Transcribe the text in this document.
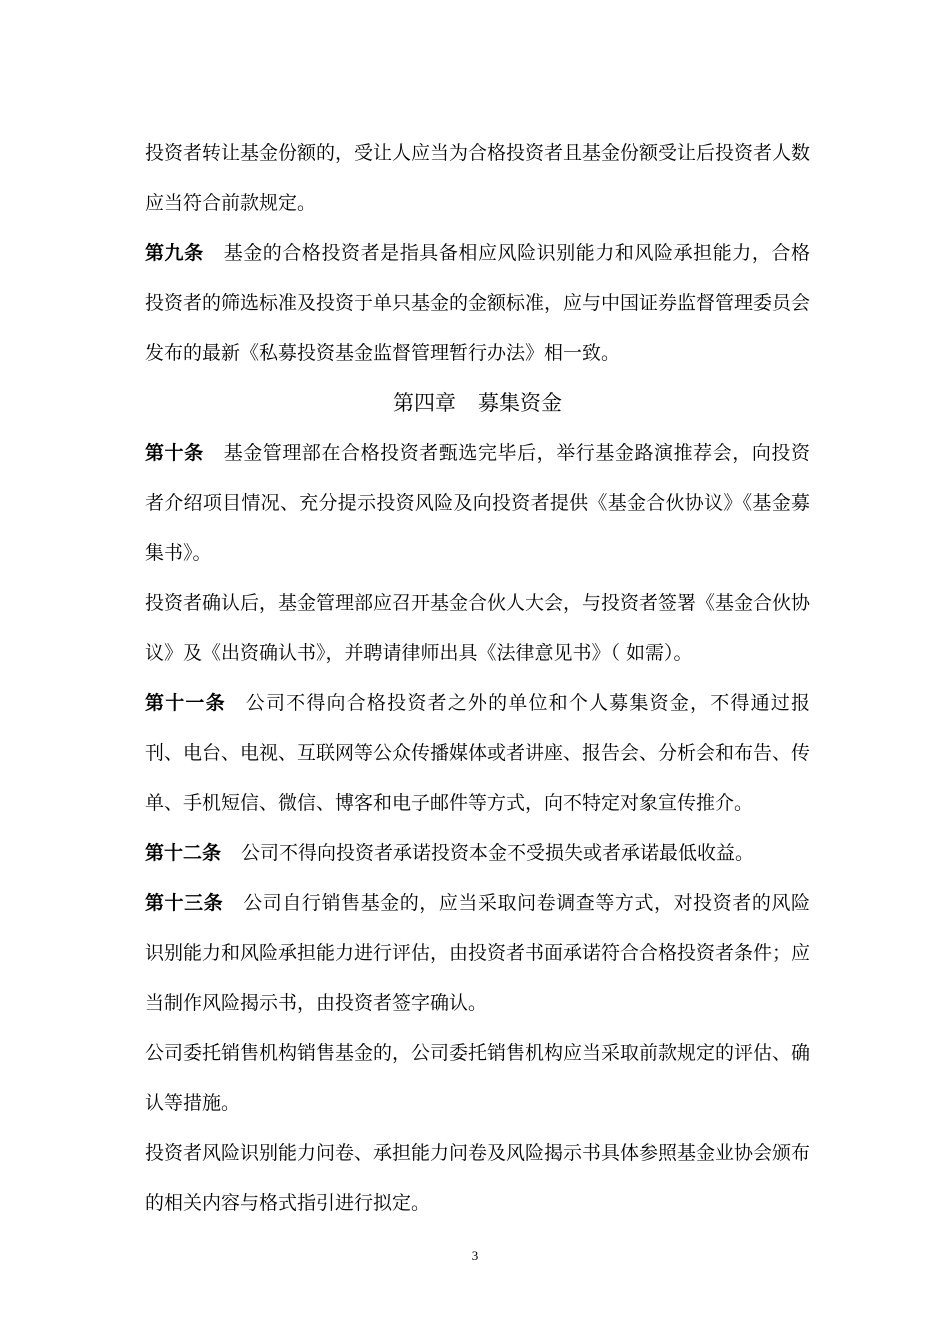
投资者转让基金份额的，受让人应当为合格投资者且基金份额受让后投资者人数应当符合前款规定。

第九条 基金的合格投资者是指具备相应风险识别能力和风险承担能力，合格投资者的筛选标准及投资于单只基金的金额标准，应与中国证券监督管理委员会发布的最新《私募投资基金监督管理暂行办法》相一致。

第四章 募集资金

第十条 基金管理部在合格投资者甄选完毕后，举行基金路演推荐会，向投资者介绍项目情况、充分提示投资风险及向投资者提供《基金合伙协议》《基金募集书》。

投资者确认后，基金管理部应召开基金合伙人大会，与投资者签署《基金合伙协议》及《出资确认书》，并聘请律师出具《法律意见书》（ 如需）。

第十一条 公司不得向合格投资者之外的单位和个人募集资金，不得通过报刊、电台、电视、互联网等公众传播媒体或者讲座、报告会、分析会和布告、传单、手机短信、微信、博客和电子邮件等方式，向不特定对象宣传推介。

第十二条 公司不得向投资者承诺投资本金不受损失或者承诺最低收益。

第十三条 公司自行销售基金的，应当采取问卷调查等方式，对投资者的风险识别能力和风险承担能力进行评估，由投资者书面承诺符合合格投资者条件；应当制作风险揭示书，由投资者签字确认。

公司委托销售机构销售基金的，公司委托销售机构应当采取前款规定的评估、确认等措施。

投资者风险识别能力问卷、承担能力问卷及风险揭示书具体参照基金业协会颁布的相关内容与格式指引进行拟定。

3
